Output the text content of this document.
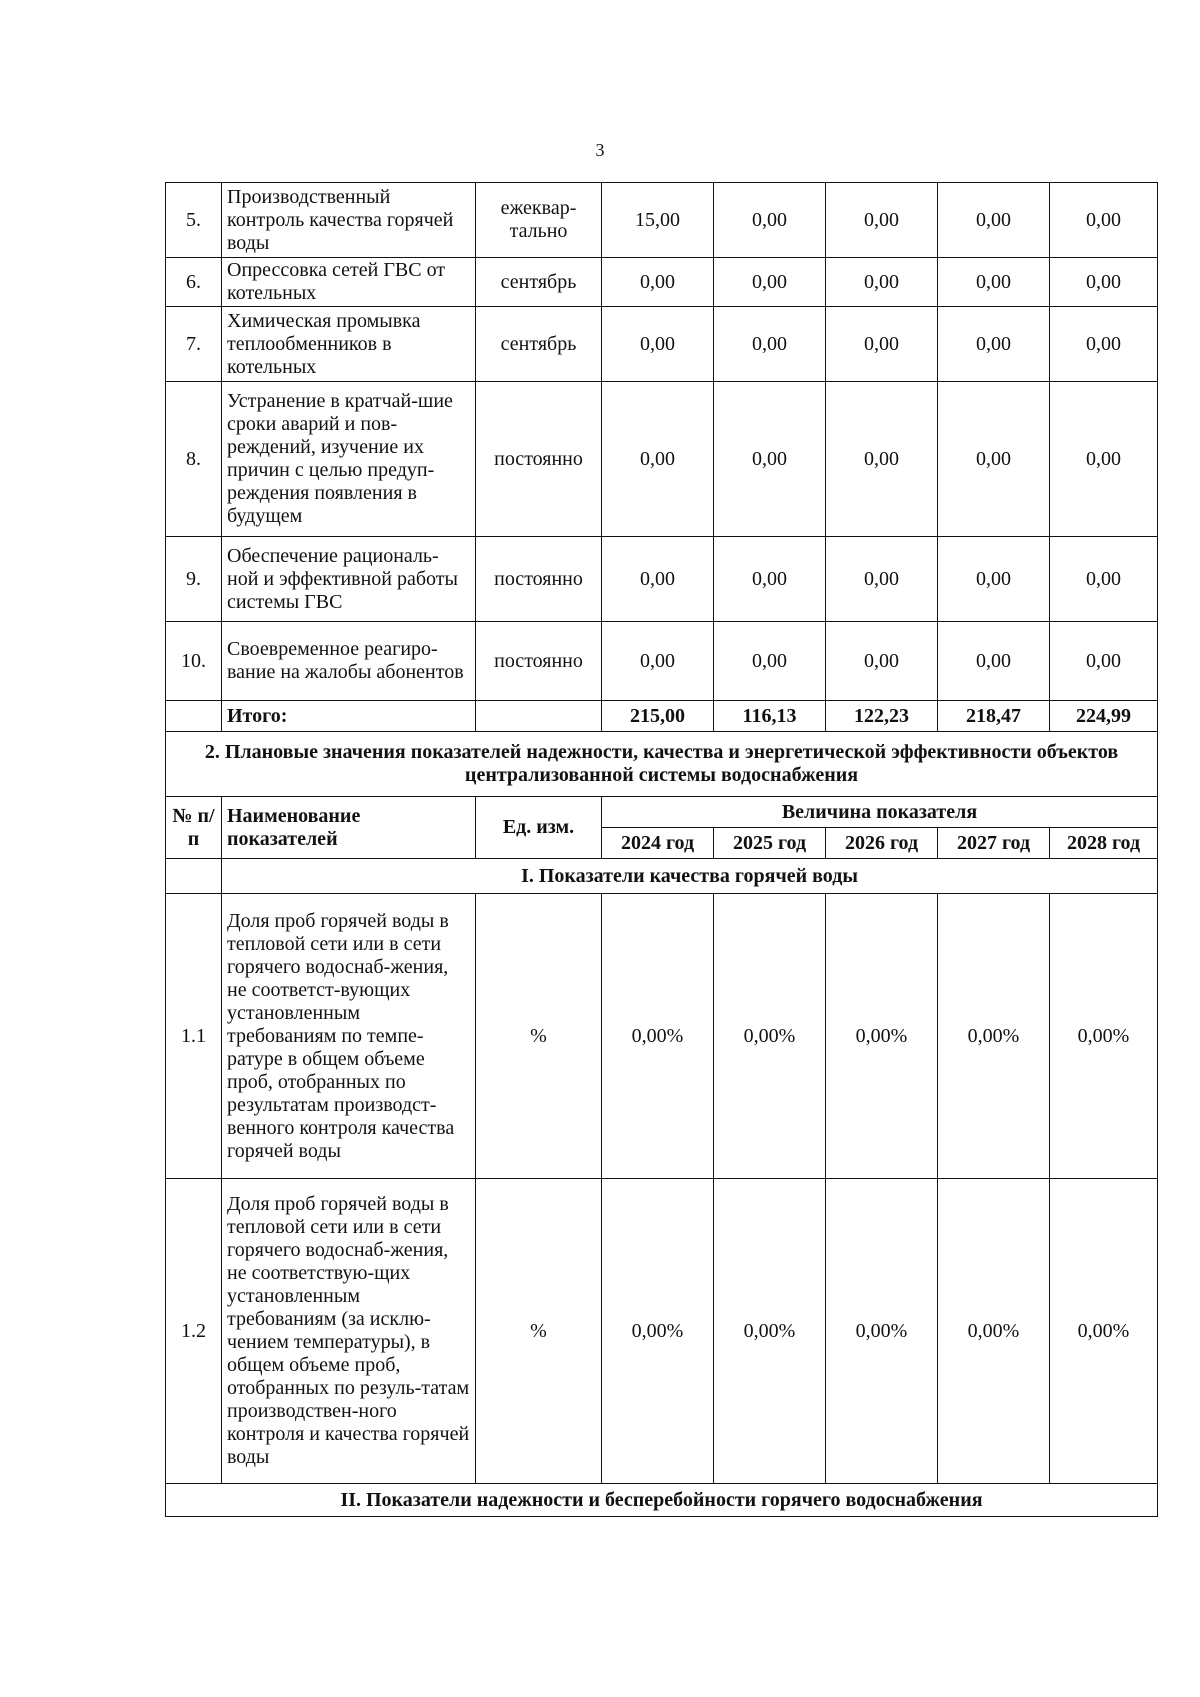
3
5.	Производственный контроль качества горячей воды	ежеквар-тально	15,00	0,00	0,00	0,00	0,00
6.	Опрессовка сетей ГВС от котельных	сентябрь	0,00	0,00	0,00	0,00	0,00
7.	Химическая промывка теплообменников в котельных	сентябрь	0,00	0,00	0,00	0,00	0,00
8.	Устранение в кратчай-шие сроки аварий и пов-реждений, изучение их причин с целью предуп-реждения появления в будущем	постоянно	0,00	0,00	0,00	0,00	0,00
9.	Обеспечение рациональ-ной и эффективной работы системы ГВС	постоянно	0,00	0,00	0,00	0,00	0,00
10.	Своевременное реагиро-вание на жалобы абонентов	постоянно	0,00	0,00	0,00	0,00	0,00
	Итого:		215,00	116,13	122,23	218,47	224,99
2. Плановые значения показателей надежности, качества и энергетической эффективности объектов централизованной системы водоснабжения							
№ п/п	Наименование показателей	Ед. изм.	Величина показателя				
			2024 год	2025 год	2026 год	2027 год	2028 год
	I. Показатели качества горячей воды						
1.1	Доля проб горячей воды в тепловой сети или в сети горячего водоснаб-жения, не соответст-вующих установленным требованиям по темпе-ратуре в общем объеме проб, отобранных по результатам производст-венного контроля качества горячей воды	%	0,00%	0,00%	0,00%	0,00%	0,00%
1.2	Доля проб горячей воды в тепловой сети или в сети горячего водоснаб-жения, не соответствую-щих установленным требованиям (за исклю-чением температуры), в общем объеме проб, отобранных по резуль-татам производствен-ного контроля и качества горячей воды	%	0,00%	0,00%	0,00%	0,00%	0,00%
II. Показатели надежности и бесперебойности горячего водоснабжения							
